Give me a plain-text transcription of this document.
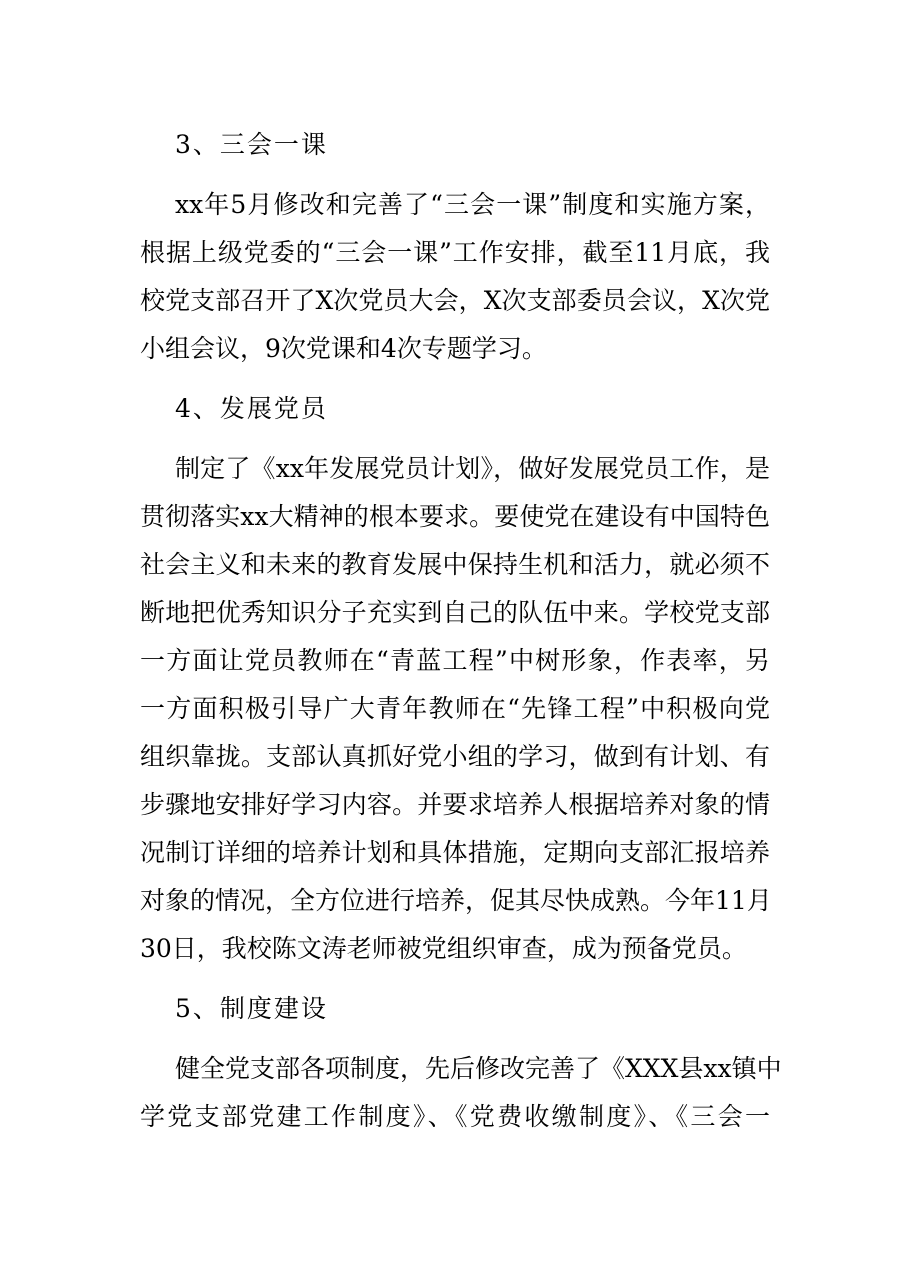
3、三会一课
xx年5月修改和完善了“三会一课”制度和实施方案，
根据上级党委的“三会一课”工作安排，截至11月底，我
校党支部召开了X次党员大会，X次支部委员会议，X次党
小组会议，9次党课和4次专题学习。
4、发展党员
制定了《xx年发展党员计划》，做好发展党员工作，是
贯彻落实xx大精神的根本要求。要使党在建设有中国特色
社会主义和未来的教育发展中保持生机和活力，就必须不
断地把优秀知识分子充实到自己的队伍中来。学校党支部
一方面让党员教师在“青蓝工程”中树形象，作表率，另
一方面积极引导广大青年教师在“先锋工程”中积极向党
组织靠拢。支部认真抓好党小组的学习，做到有计划、有
步骤地安排好学习内容。并要求培养人根据培养对象的情
况制订详细的培养计划和具体措施，定期向支部汇报培养
对象的情况，全方位进行培养，促其尽快成熟。今年11月
30日，我校陈文涛老师被党组织审查，成为预备党员。
5、制度建设
健全党支部各项制度，先后修改完善了《XXX县xx镇中
学党支部党建工作制度》、《党费收缴制度》、《三会一
